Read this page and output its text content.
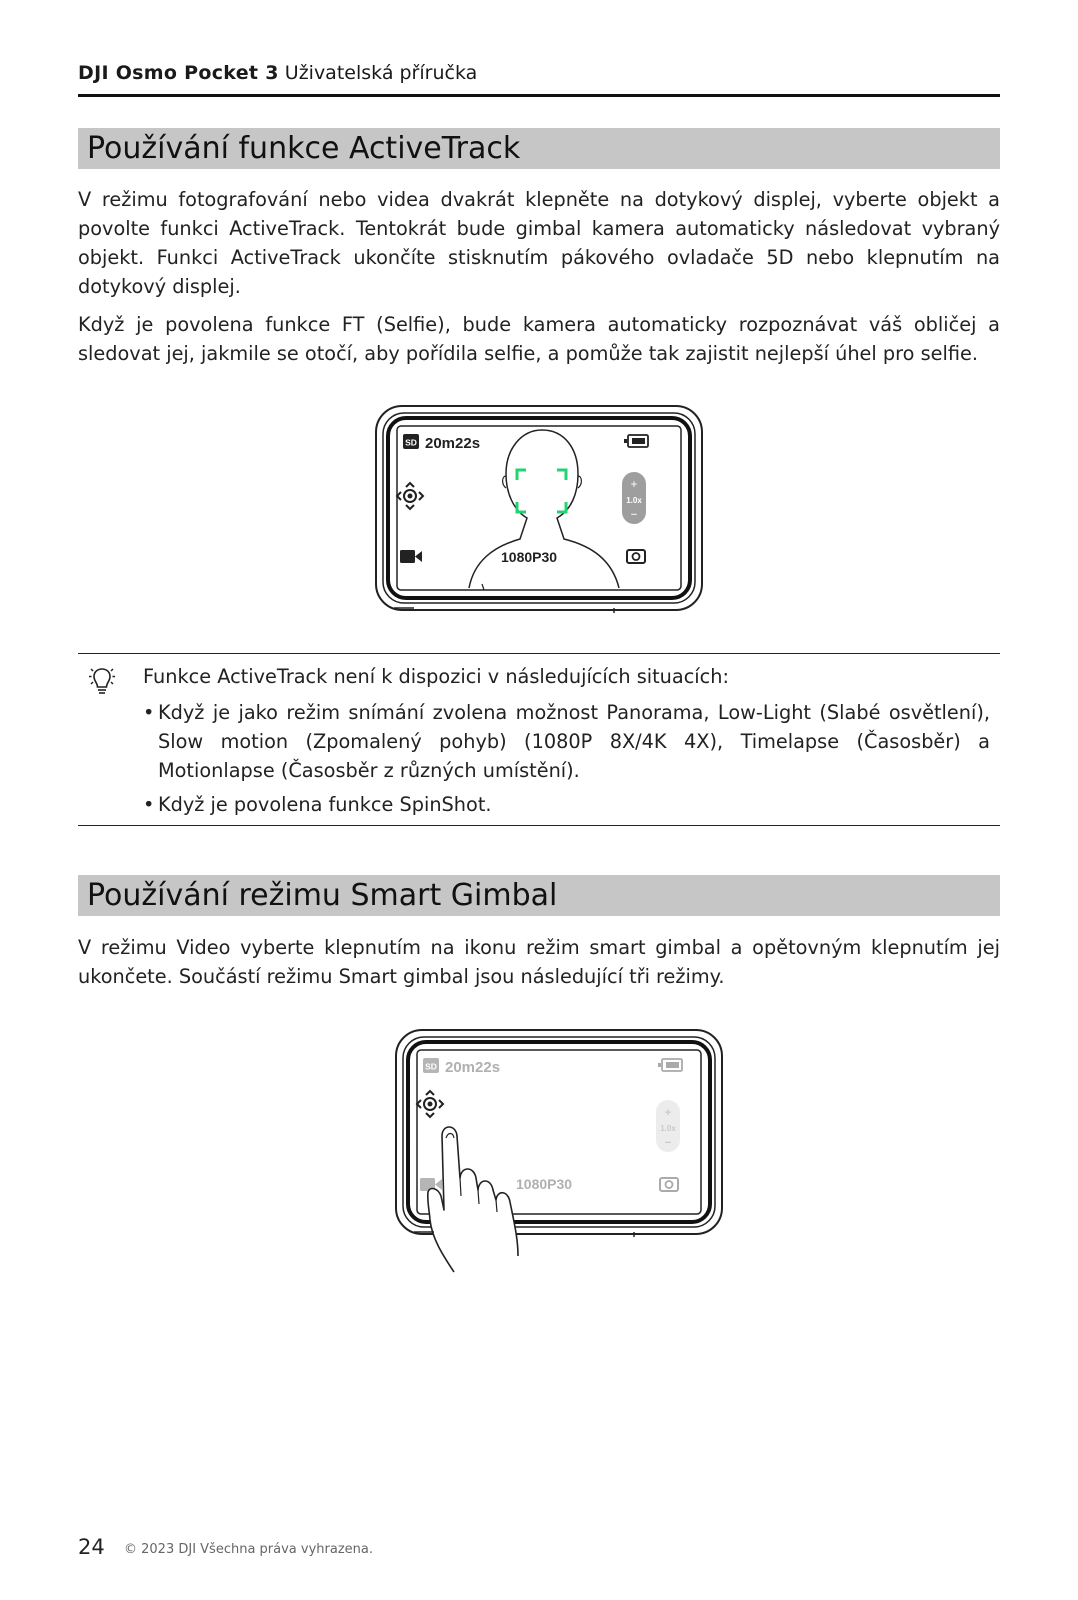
DJI Osmo Pocket 3 Uživatelská příručka
Používání funkce ActiveTrack
V režimu fotografování nebo videa dvakrát klepněte na dotykový displej, vyberte objekt a povolte funkci ActiveTrack. Tentokrát bude gimbal kamera automaticky následovat vybraný objekt. Funkci ActiveTrack ukončíte stisknutím pákového ovladače 5D nebo klepnutím na dotykový displej.
Když je povolena funkce FT (Selfie), bude kamera automaticky rozpoznávat váš obličej a sledovat jej, jakmile se otočí, aby pořídila selfie, a pomůže tak zajistit nejlepší úhel pro selfie.
SD 20m22s
+
1.0x
−
1080P30
Funkce ActiveTrack není k dispozici v následujících situacích:
• Když je jako režim snímání zvolena možnost Panorama, Low-Light (Slabé osvětlení), Slow motion (Zpomalený pohyb) (1080P 8X/4K 4X), Timelapse (Časosběr) a Motionlapse (Časosběr z různých umístění).
• Když je povolena funkce SpinShot.
Používání režimu Smart Gimbal
V režimu Video vyberte klepnutím na ikonu režim smart gimbal a opětovným klepnutím jej ukončete. Součástí režimu Smart gimbal jsou následující tři režimy.
SD 20m22s
+
1.0x
−
1080P30
24 © 2023 DJI Všechna práva vyhrazena.
